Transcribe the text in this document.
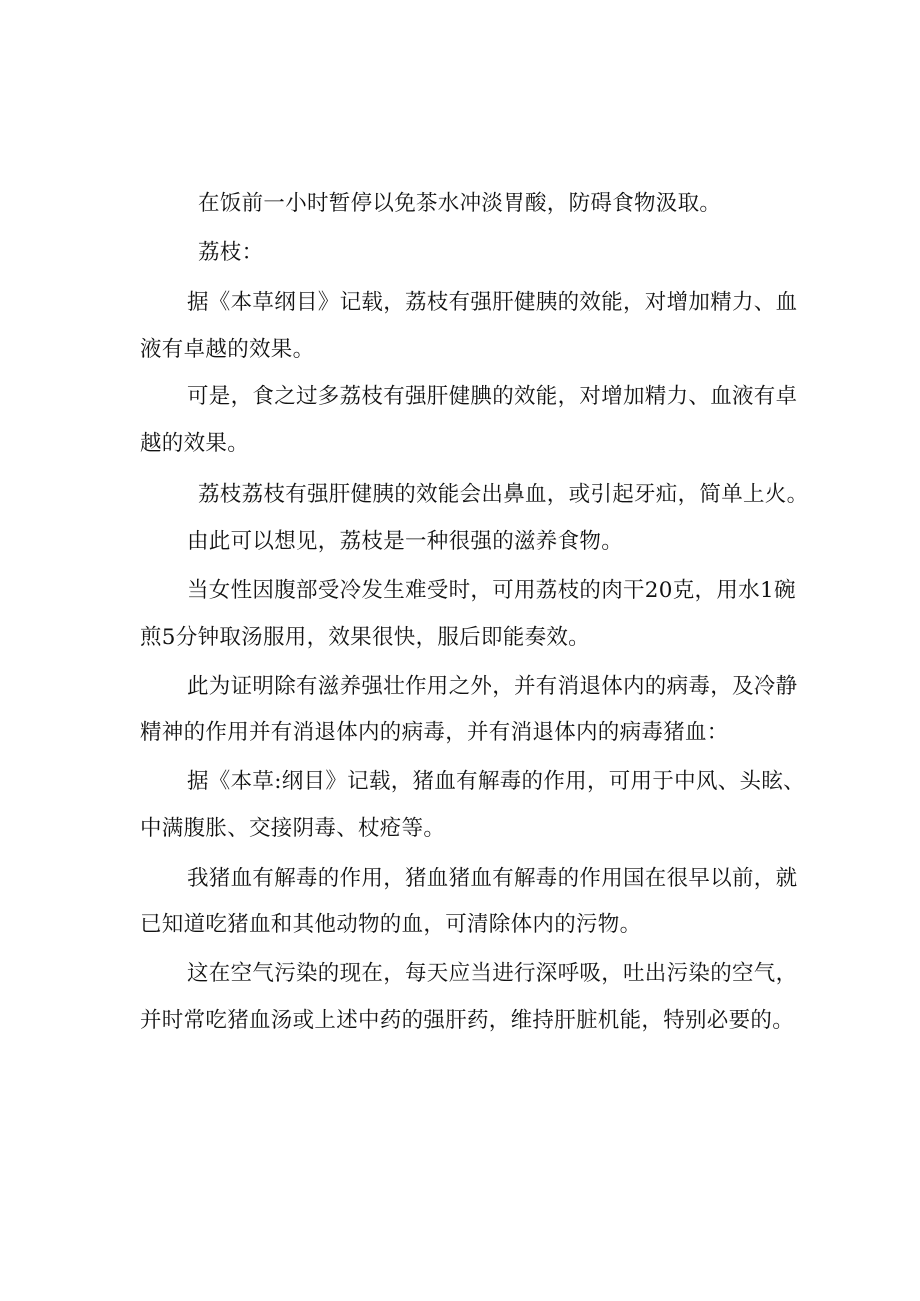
在饭前一小时暂停以免茶水冲淡胃酸，防碍食物汲取。
荔枝：
据《本草纲目》记载，荔枝有强肝健胰的效能，对增加精力、血
液有卓越的效果。
可是，食之过多荔枝有强肝健腆的效能，对增加精力、血液有卓
越的效果。
荔枝荔枝有强肝健胰的效能会出鼻血，或引起牙疝，简单上火。
由此可以想见，荔枝是一种很强的滋养食物。
当女性因腹部受冷发生难受时，可用荔枝的肉干20克，用水1碗
煎5分钟取汤服用，效果很快，服后即能奏效。
此为证明除有滋养强壮作用之外，并有消退体内的病毒，及冷静
精神的作用并有消退体内的病毒，并有消退体内的病毒猪血：
据《本草:纲目》记载，猪血有解毒的作用，可用于中风、头眩、
中满腹胀、交接阴毒、杖疮等。
我猪血有解毒的作用，猪血猪血有解毒的作用国在很早以前，就
已知道吃猪血和其他动物的血，可清除体内的污物。
这在空气污染的现在，每天应当进行深呼吸，吐出污染的空气，
并时常吃猪血汤或上述中药的强肝药，维持肝脏机能，特别必要的。
